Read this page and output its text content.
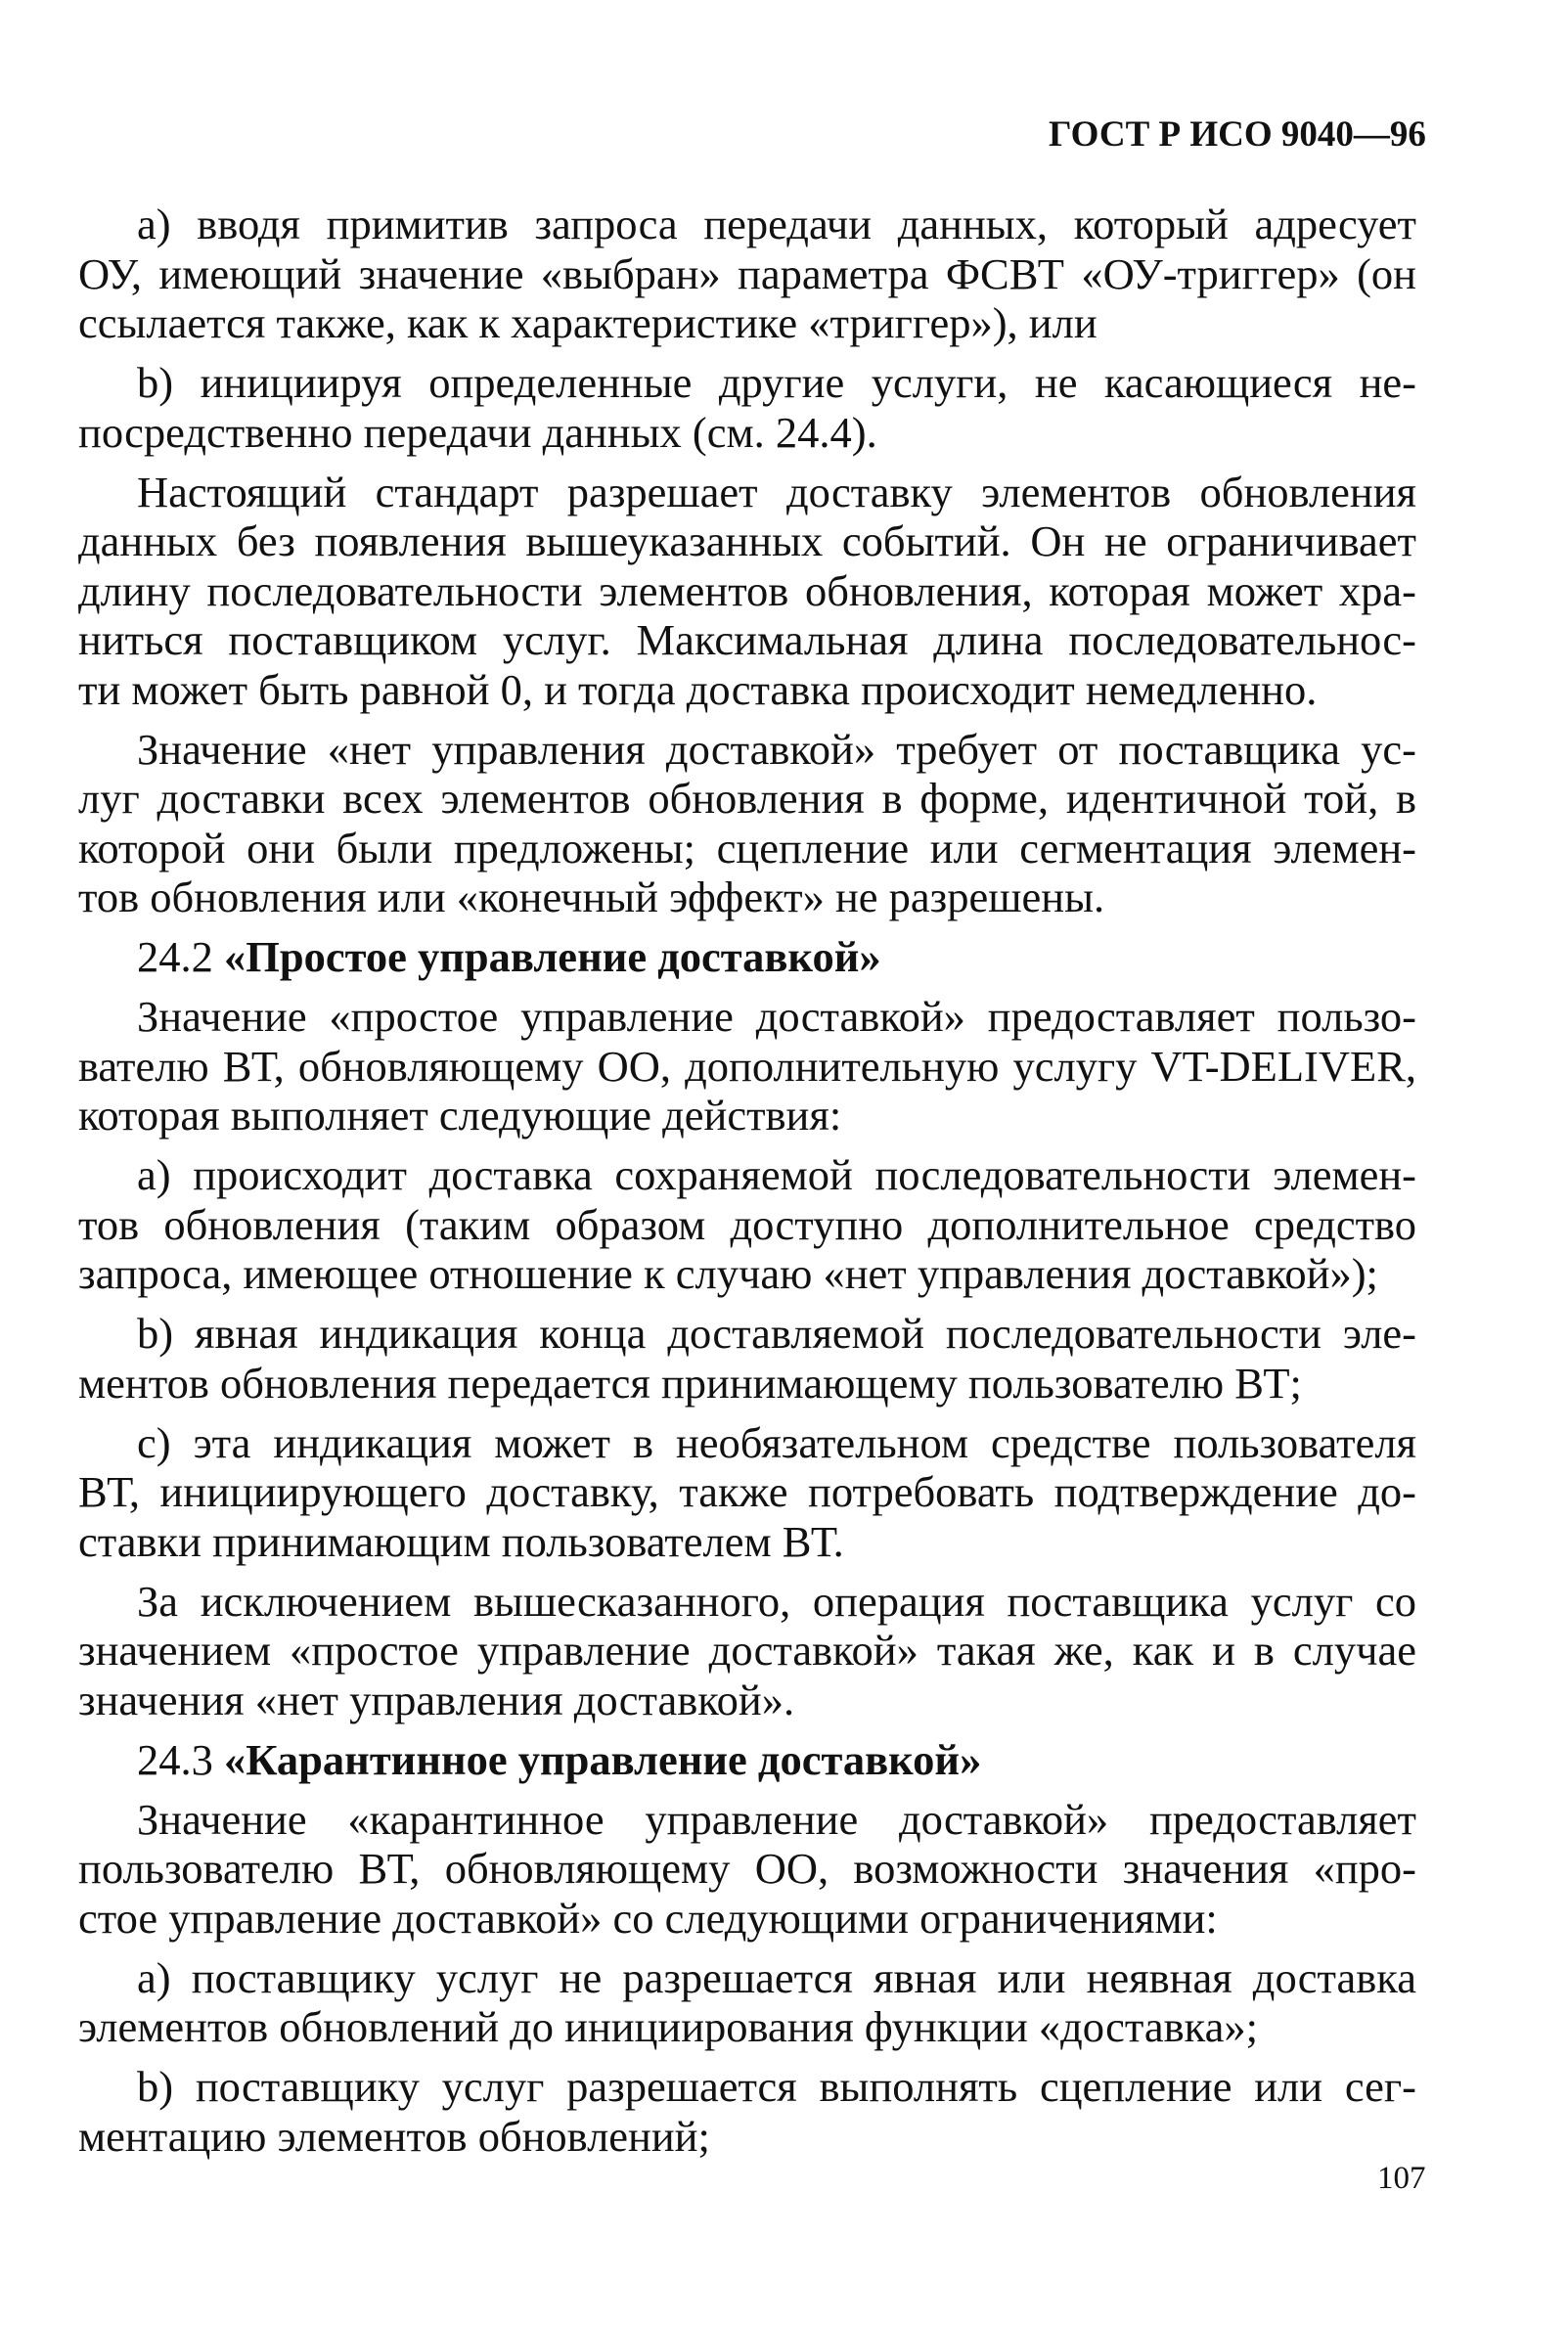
ГОСТ Р ИСО 9040—96
а) вводя примитив запроса передачи данных, который адресует
ОУ, имеющий значение «выбран» параметра ФСВТ «ОУ-триггер» (он
ссылается также, как к характеристике «триггер»), или
b) инициируя определенные другие услуги, не касающиеся не-
посредственно передачи данных (см. 24.4).
Настоящий стандарт разрешает доставку элементов обновления
данных без появления вышеуказанных событий. Он не ограничивает
длину последовательности элементов обновления, которая может хра-
ниться поставщиком услуг. Максимальная длина последовательнос-
ти может быть равной 0, и тогда доставка происходит немедленно.
Значение «нет управления доставкой» требует от поставщика ус-
луг доставки всех элементов обновления в форме, идентичной той, в
которой они были предложены; сцепление или сегментация элемен-
тов обновления или «конечный эффект» не разрешены.
24.2 «Простое управление доставкой»
Значение «простое управление доставкой» предоставляет пользо-
вателю ВТ, обновляющему ОО, дополнительную услугу VT-DELIVER,
которая выполняет следующие действия:
а) происходит доставка сохраняемой последовательности элемен-
тов обновления (таким образом доступно дополнительное средство
запроса, имеющее отношение к случаю «нет управления доставкой»);
b) явная индикация конца доставляемой последовательности эле-
ментов обновления передается принимающему пользователю ВТ;
с) эта индикация может в необязательном средстве пользователя
ВТ, инициирующего доставку, также потребовать подтверждение до-
ставки принимающим пользователем ВТ.
За исключением вышесказанного, операция поставщика услуг со
значением «простое управление доставкой» такая же, как и в случае
значения «нет управления доставкой».
24.3 «Карантинное управление доставкой»
Значение «карантинное управление доставкой» предоставляет
пользователю ВТ, обновляющему ОО, возможности значения «про-
стое управление доставкой» со следующими ограничениями:
а) поставщику услуг не разрешается явная или неявная доставка
элементов обновлений до инициирования функции «доставка»;
b) поставщику услуг разрешается выполнять сцепление или сег-
ментацию элементов обновлений;
107
